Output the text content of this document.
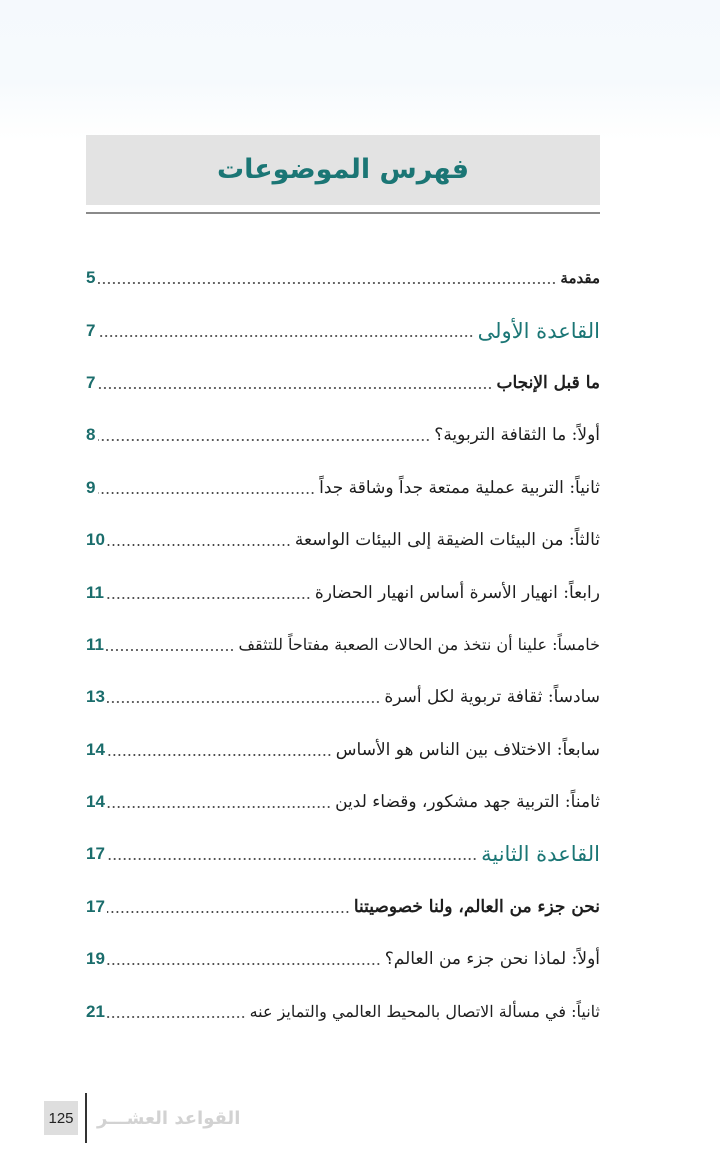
فهرس الموضوعات
مقدمة
5
القاعدة الأولى
7
ما قبل الإنجاب
7
أولاً: ما الثقافة التربوية؟
8
ثانياً: التربية عملية ممتعة جداً وشاقة جداً
9
ثالثاً: من البيئات الضيقة إلى البيئات الواسعة
10
رابعاً: انهيار الأسرة أساس انهيار الحضارة
11
خامساً: علينا أن نتخذ من الحالات الصعبة مفتاحاً للتثقف
11
سادساً: ثقافة تربوية لكل أسرة
13
سابعاً: الاختلاف بين الناس هو الأساس
14
ثامناً: التربية جهد مشكور، وقضاء لدين
14
القاعدة الثانية
17
نحن جزء من العالم، ولنا خصوصيتنا
17
أولاً: لماذا نحن جزء من العالم؟
19
ثانياً: في مسألة الاتصال بالمحيط العالمي والتمايز عنه
21
125 القواعد العشـــر
